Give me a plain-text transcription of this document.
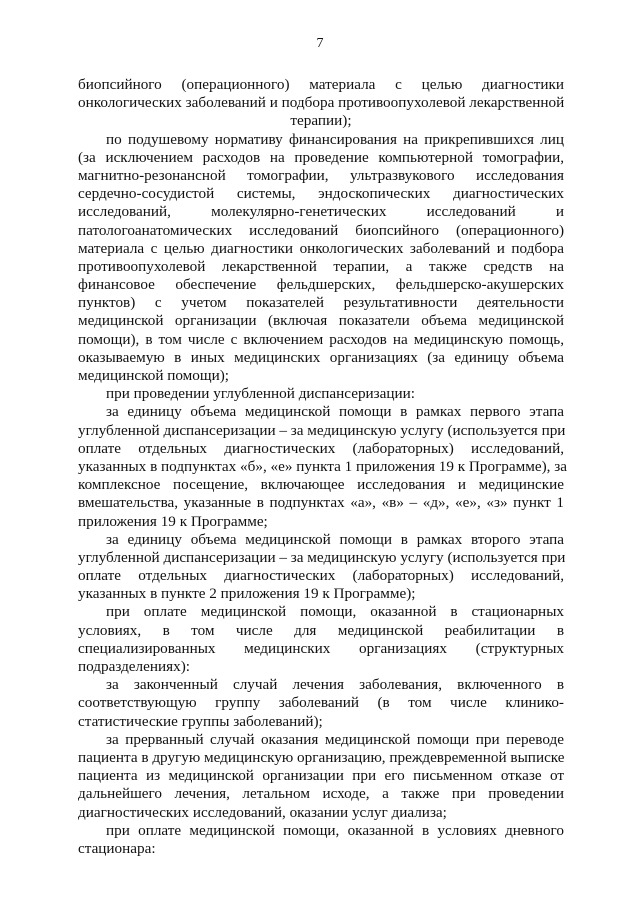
7
биопсийного (операционного) материала с целью диагностики
онкологических заболеваний и подбора противоопухолевой лекарственной
терапии);
по подушевому нормативу финансирования на прикрепившихся лиц
(за исключением расходов на проведение компьютерной томографии,
магнитно-резонансной томографии, ультразвукового исследования
сердечно-сосудистой системы, эндоскопических диагностических
исследований, молекулярно-генетических исследований и
патологоанатомических исследований биопсийного (операционного)
материала с целью диагностики онкологических заболеваний и подбора
противоопухолевой лекарственной терапии, а также средств на
финансовое обеспечение фельдшерских, фельдшерско-акушерских
пунктов) с учетом показателей результативности деятельности
медицинской организации (включая показатели объема медицинской
помощи), в том числе с включением расходов на медицинскую помощь,
оказываемую в иных медицинских организациях (за единицу объема
медицинской помощи);
при проведении углубленной диспансеризации:
за единицу объема медицинской помощи в рамках первого этапа
углубленной диспансеризации – за медицинскую услугу (используется при
оплате отдельных диагностических (лабораторных) исследований,
указанных в подпунктах «б», «е» пункта 1 приложения 19 к Программе), за
комплексное посещение, включающее исследования и медицинские
вмешательства, указанные в подпунктах «а», «в» – «д», «е», «з» пункт 1
приложения 19 к Программе;
за единицу объема медицинской помощи в рамках второго этапа
углубленной диспансеризации – за медицинскую услугу (используется при
оплате отдельных диагностических (лабораторных) исследований,
указанных в пункте 2 приложения 19 к Программе);
при оплате медицинской помощи, оказанной в стационарных
условиях, в том числе для медицинской реабилитации в
специализированных медицинских организациях (структурных
подразделениях):
за законченный случай лечения заболевания, включенного в
соответствующую группу заболеваний (в том числе клинико-
статистические группы заболеваний);
за прерванный случай оказания медицинской помощи при переводе
пациента в другую медицинскую организацию, преждевременной выписке
пациента из медицинской организации при его письменном отказе от
дальнейшего лечения, летальном исходе, а также при проведении
диагностических исследований, оказании услуг диализа;
при оплате медицинской помощи, оказанной в условиях дневного
стационара:
